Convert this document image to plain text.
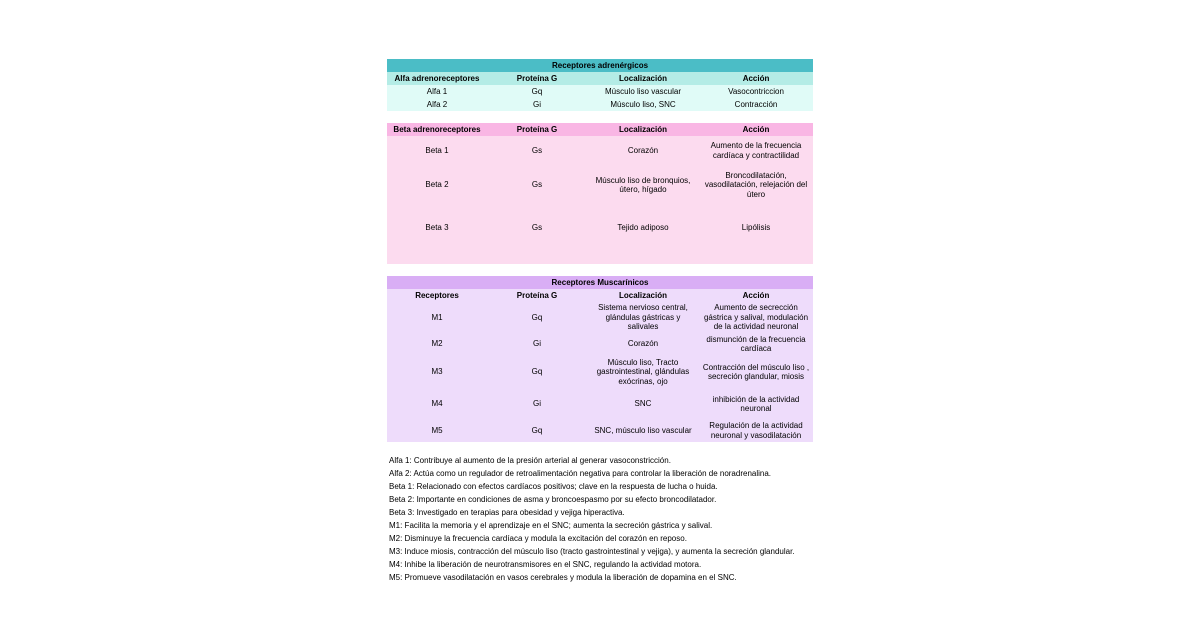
Receptores adrenérgicos			
Alfa adrenoreceptores	Proteína G	Localización	Acción
Alfa 1	Gq	Músculo liso vascular	Vasocontriccion
Alfa 2	Gi	Músculo liso, SNC	Contracción
Beta adrenoreceptores	Proteína G	Localización	Acción
Beta 1	Gs	Corazón	Aumento de la frecuencia cardíaca y contractilidad
Beta 2	Gs	Músculo liso de bronquios, útero, hígado	Broncodilatación, vasodilatación, relejación del útero
Beta 3	Gs	Tejido adiposo	Lipólisis

Receptores Muscarínicos			
Receptores	Proteína G	Localización	Acción
M1	Gq	Sistema nervioso central, glándulas gástricas y salivales	Aumento de secrección gástrica y salival, modulación de la actividad neuronal
M2	Gi	Corazón	dismunción de la frecuencia cardíaca
M3	Gq	Músculo liso, Tracto gastrointestinal, glándulas exócrinas, ojo	Contracción del músculo liso , secreción glandular, miosis
M4	Gi	SNC	inhibición de la actividad neuronal
M5	Gq	SNC, músculo liso vascular	Regulación de la actividad neuronal y vasodilatación
Alfa 1: Contribuye al aumento de la presión arterial al generar vasoconstricción.
Alfa 2: Actúa como un regulador de retroalimentación negativa para controlar la liberación de noradrenalina.
Beta 1: Relacionado con efectos cardíacos positivos; clave en la respuesta de lucha o huida.
Beta 2: Importante en condiciones de asma y broncoespasmo por su efecto broncodilatador.
Beta 3: Investigado en terapias para obesidad y vejiga hiperactiva.
M1: Facilita la memoria y el aprendizaje en el SNC; aumenta la secreción gástrica y salival.
M2: Disminuye la frecuencia cardíaca y modula la excitación del corazón en reposo.
M3: Induce miosis, contracción del músculo liso (tracto gastrointestinal y vejiga), y aumenta la secreción glandular.
M4: Inhibe la liberación de neurotransmisores en el SNC, regulando la actividad motora.
M5: Promueve vasodilatación en vasos cerebrales y modula la liberación de dopamina en el SNC.
